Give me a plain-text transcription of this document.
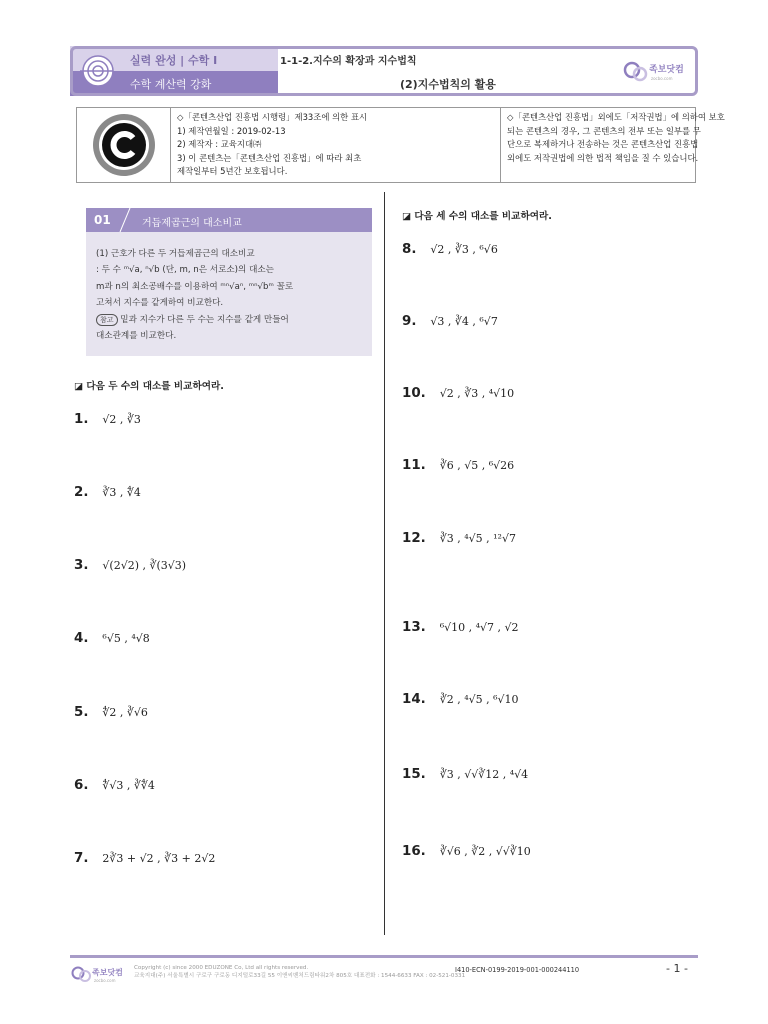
실력 완성 | 수학 I
수학 계산력 강화
1-1-2.지수의 확장과 지수법칙
(2)지수법칙의 활용
족보닷컴
zocbo.com
◇「콘텐츠산업 진흥법 시행령」제33조에 의한 표시
1) 제작연월일 : 2019-02-13
2) 제작자 : 교육지대㈜
3) 이 콘텐츠는「콘텐츠산업 진흥법」에 따라 최초
제작일부터 5년간 보호됩니다.
◇「콘텐츠산업 진흥법」외에도「저작권법」에 의하여 보호
되는 콘텐츠의 경우, 그 콘텐츠의 전부 또는 일부를 무
단으로 복제하거나 전송하는 것은 콘텐츠산업 진흥법
외에도 저작권법에 의한 법적 책임을 질 수 있습니다.
01	거듭제곱근의 대소비교
(1) 근호가 다른 두 거듭제곱근의 대소비교
: 두 수 ᵐ√a, ⁿ√b (단, m, n은 서로소)의 대소는
m과 n의 최소공배수를 이용하여 ᵐⁿ√aⁿ, ᵐⁿ√bᵐ 꼴로
고쳐서 지수를 같게하여 비교한다.
참고 밑과 지수가 다른 두 수는 지수를 같게 만들어
대소관계를 비교한다.
◪ 다음 두 수의 대소를 비교하여라.
◪ 다음 세 수의 대소를 비교하여라.
1. √2 , ∛3
2. ∛3 , ∜4
3. √(2√2) , ∛(3√3)
4. ⁶√5 , ⁴√8
5. ∜2 , ∛√6
6. ∜√3 , ∛∜4
7. 2∛3 + √2 , ∛3 + 2√2
8. √2 , ∛3 , ⁶√6
9. √3 , ∛4 , ⁶√7
10. √2 , ∛3 , ⁴√10
11. ∛6 , √5 , ⁶√26
12. ∛3 , ⁴√5 , ¹²√7
13. ⁶√10 , ⁴√7 , √2
14. ∛2 , ⁴√5 , ⁶√10
15. ∛3 , √√∛12 , ⁴√4
16. ∛√6 , ∛2 , √√∛10
족보닷컴
zocbo.com
Copyright (c) since 2000 EDUZONE Co, Ltd all rights reserved.
교육지대(주) 서울특별시 구로구 구로동 디지털로33길 55 이앤씨벤처드림타워2차 805호 대표전화 : 1544-6633 FAX : 02-521-0331
I410-ECN-0199-2019-001-000244110	- 1 -
